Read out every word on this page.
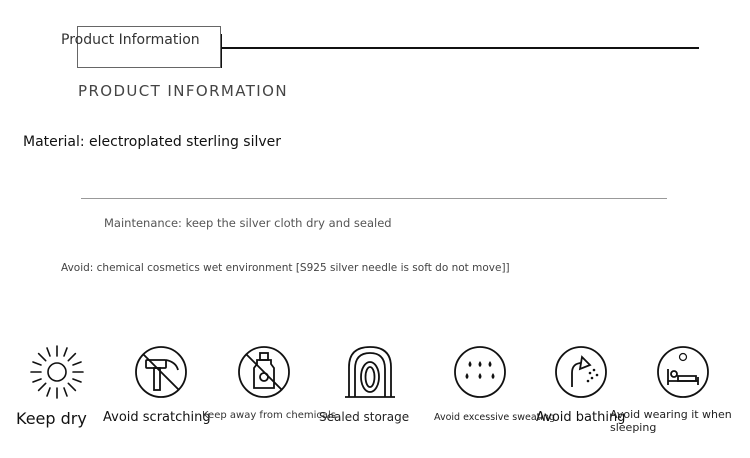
Product Information
PRODUCT INFORMATION
Material: electroplated sterling silver
Maintenance: keep the silver cloth dry and sealed
Avoid: chemical cosmetics wet environment [S925 silver needle is soft do not move]]
Keep dry Avoid scratching
Keep away from chemicals
Sealed storage	Avoid excessive sweating
Avoid bathing
Avoid wearing it when sleeping
